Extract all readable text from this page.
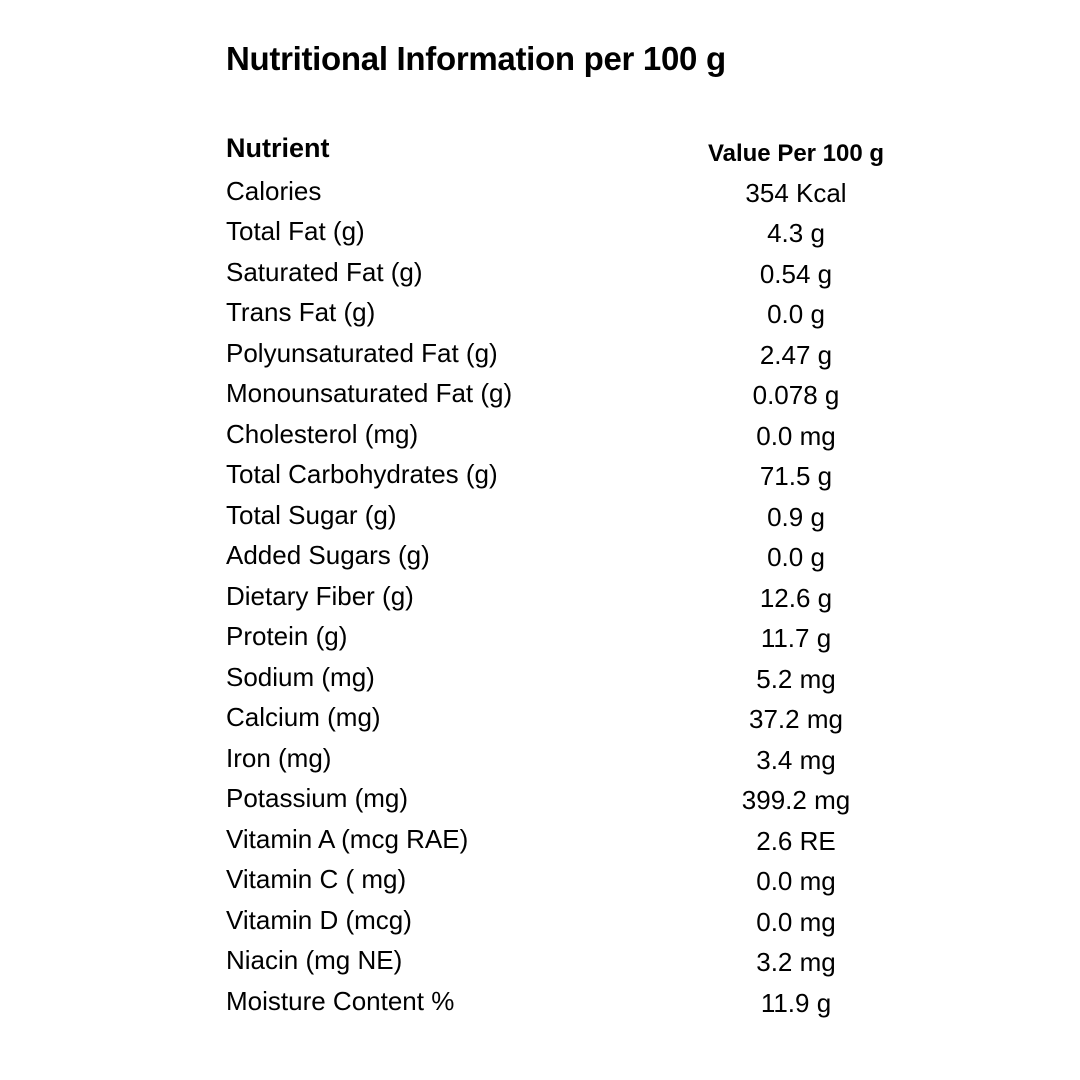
Nutritional Information per 100 g
Nutrient	Value Per 100 g
Calories	354 Kcal
Total Fat (g)	4.3 g
Saturated Fat (g)	0.54 g
Trans Fat (g)	0.0 g
Polyunsaturated Fat (g)	2.47 g
Monounsaturated Fat (g)	0.078 g
Cholesterol (mg)	0.0 mg
Total Carbohydrates (g)	71.5 g
Total Sugar (g)	0.9 g
Added Sugars (g)	0.0 g
Dietary Fiber (g)	12.6 g
Protein (g)	11.7 g
Sodium (mg)	5.2 mg
Calcium (mg)	37.2 mg
Iron (mg)	3.4 mg
Potassium (mg)	399.2 mg
Vitamin A (mcg RAE)	2.6 RE
Vitamin C ( mg)	0.0 mg
Vitamin D (mcg)	0.0 mg
Niacin (mg NE)	3.2 mg
Moisture Content %	11.9 g
